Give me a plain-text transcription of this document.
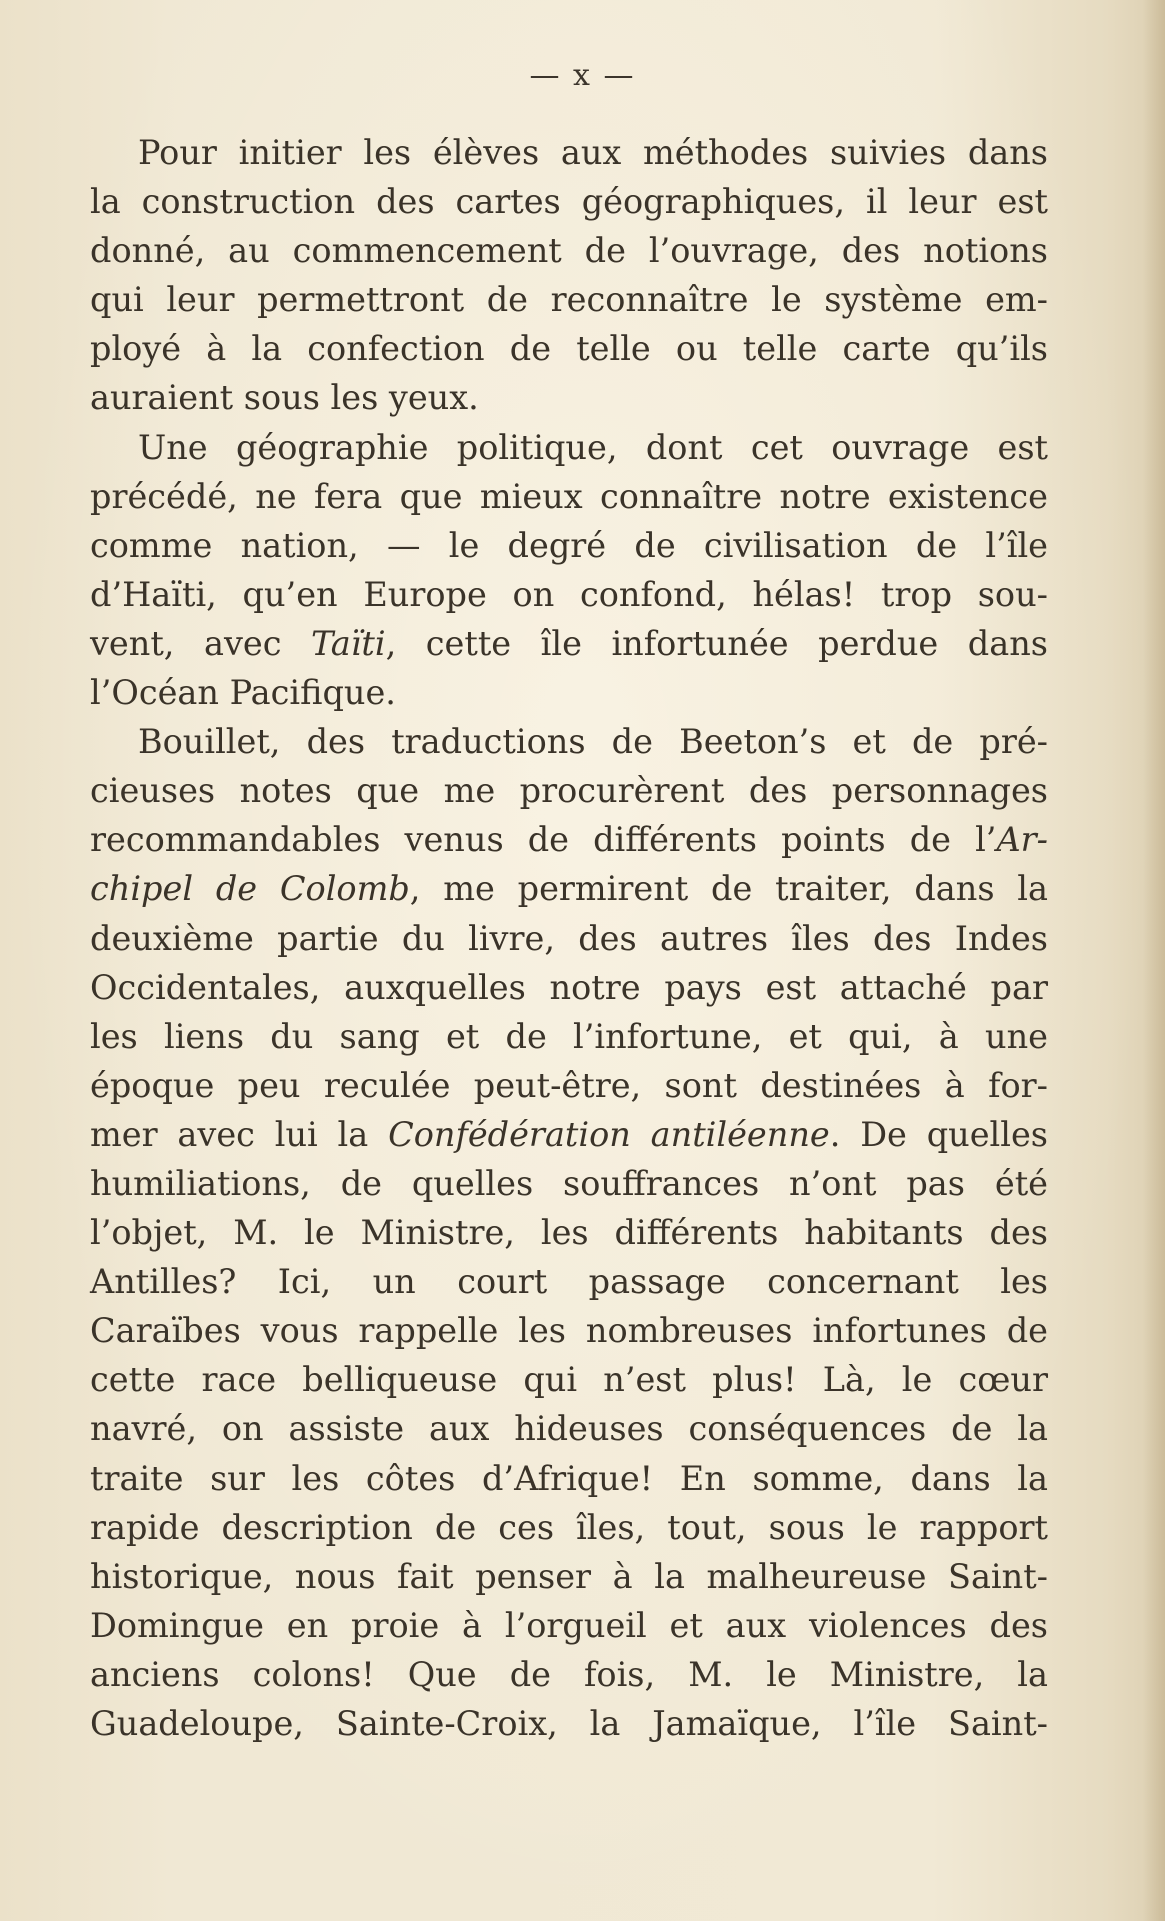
— x —
Pour initier les élèves aux méthodes suivies dans
la construction des cartes géographiques, il leur est
donné, au commencement de l’ouvrage, des notions
qui leur permettront de reconnaître le système em-
ployé à la confection de telle ou telle carte qu’ils
auraient sous les yeux.
Une géographie politique, dont cet ouvrage est
précédé, ne fera que mieux connaître notre existence
comme nation, — le degré de civilisation de l’île
d’Haïti, qu’en Europe on confond, hélas! trop sou-
vent, avec Taïti, cette île infortunée perdue dans
l’Océan Pacifique.
Bouillet, des traductions de Beeton’s et de pré-
cieuses notes que me procurèrent des personnages
recommandables venus de différents points de l’Ar-
chipel de Colomb, me permirent de traiter, dans la
deuxième partie du livre, des autres îles des Indes
Occidentales, auxquelles notre pays est attaché par
les liens du sang et de l’infortune, et qui, à une
époque peu reculée peut-être, sont destinées à for-
mer avec lui la Confédération antiléenne. De quelles
humiliations, de quelles souffrances n’ont pas été
l’objet, M. le Ministre, les différents habitants des
Antilles? Ici, un court passage concernant les
Caraïbes vous rappelle les nombreuses infortunes de
cette race belliqueuse qui n’est plus! Là, le cœur
navré, on assiste aux hideuses conséquences de la
traite sur les côtes d’Afrique! En somme, dans la
rapide description de ces îles, tout, sous le rapport
historique, nous fait penser à la malheureuse Saint-
Domingue en proie à l’orgueil et aux violences des
anciens colons! Que de fois, M. le Ministre, la
Guadeloupe, Sainte-Croix, la Jamaïque, l’île Saint-
